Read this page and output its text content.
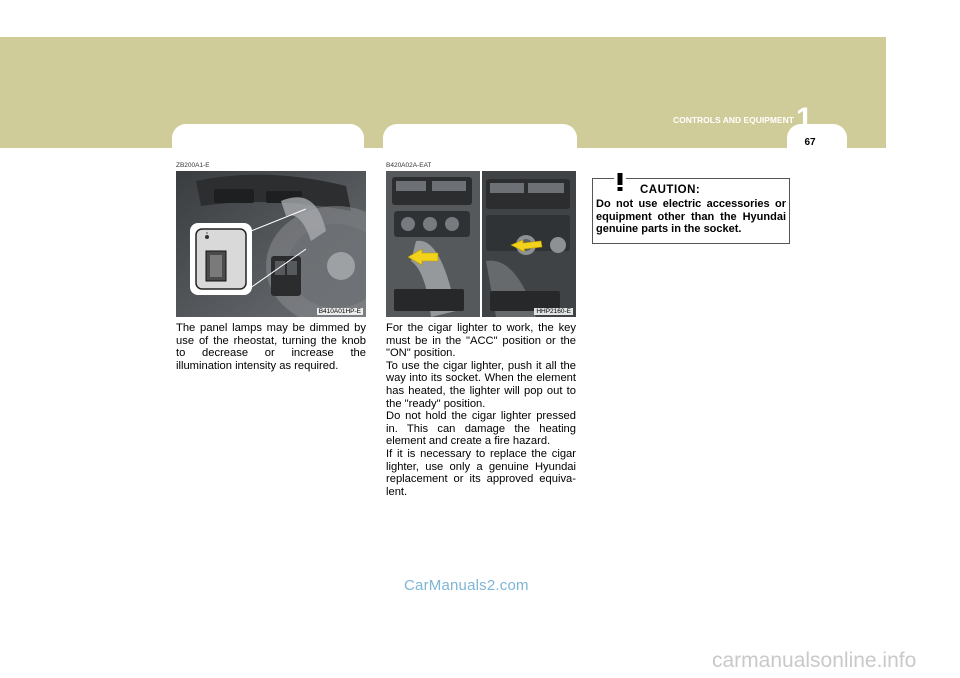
1
CONTROLS AND EQUIPMENT
67
RHEOSTAT SWITCH
ZB200A1-E
B410A01HP-E
The panel lamps may be dimmed by use of the rheostat, turning the knob to decrease or increase the illumination intensity as required.
CIGAR LIGHTER
B420A02A-EAT
HHP2160-E

For the cigar lighter to work, the key must be in the "ACC" position or the "ON" position.

To use the cigar lighter, push it all the way into its socket. When the element has heated, the lighter will pop out to the "ready" position.

Do not hold the cigar lighter pressed in. This can damage the heating element and create a fire hazard.

If it is necessary to replace the cigar lighter, use only a genuine Hyundai replacement or its approved equiva-lent.

CAUTION:
Do not use electric accessories or equipment other than the Hyundai genuine parts in the socket.
CarManuals2.com
carmanualsonline.info
